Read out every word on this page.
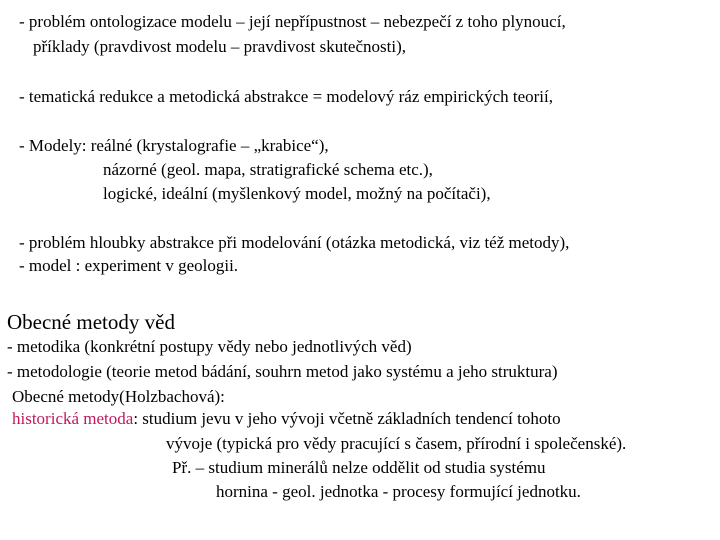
- problém ontologizace modelu – její nepřípustnost – nebezpečí z toho plynoucí,
příklady (pravdivost modelu – pravdivost skutečnosti),
- tematická redukce a metodická abstrakce = modelový ráz empirických teorií,
- Modely: reálné (krystalografie – „krabice“),
názorné (geol. mapa, stratigrafické schema etc.),
logické, ideální (myšlenkový model, možný na počítači),
- problém hloubky abstrakce při modelování (otázka metodická, viz též metody),
- model : experiment v geologii.
Obecné metody věd
- metodika (konkrétní postupy vědy nebo jednotlivých věd)
- metodologie (teorie metod bádání, souhrn metod jako systému a jeho struktura)
Obecné metody(Holzbachová):
historická metoda: studium jevu v jeho vývoji včetně základních tendencí tohoto
vývoje (typická pro vědy pracující s časem, přírodní i společenské).
Př. – studium minerálů nelze oddělit od studia systému
hornina - geol. jednotka - procesy formující jednotku.
